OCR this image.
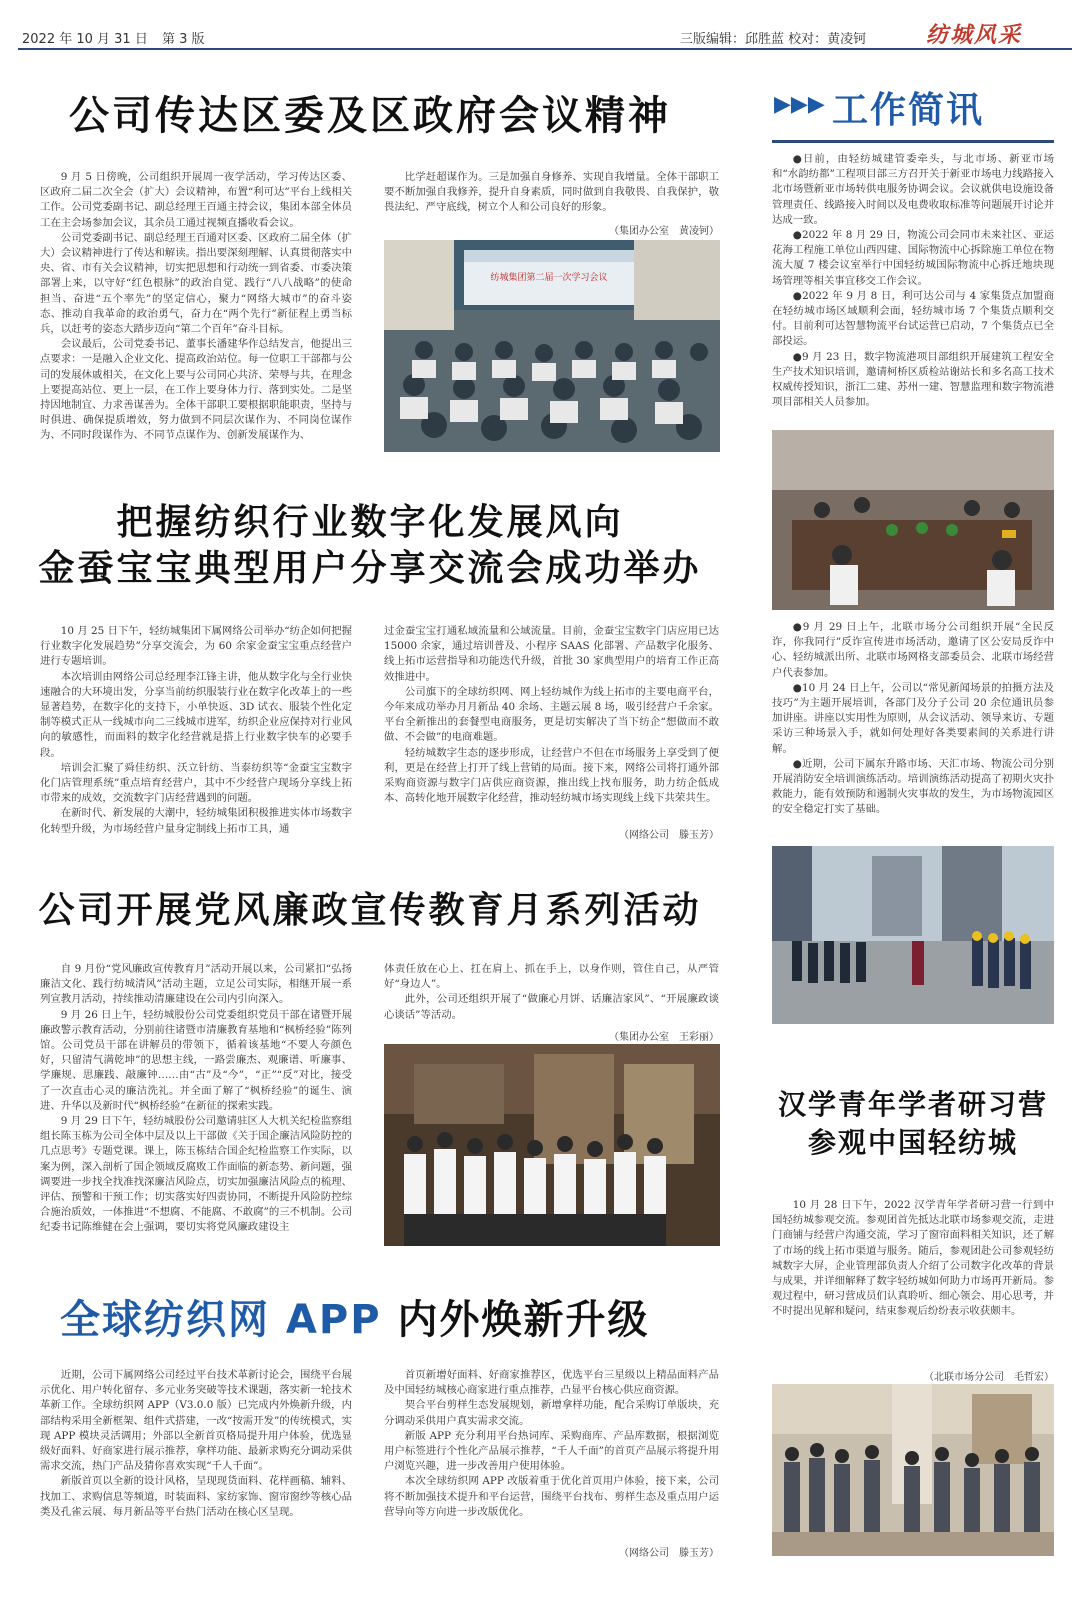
2022 年 10 月 31 日 第 3 版	三版编辑：邱胜蓝 校对：黄凌钶	纺城风采
公司传达区委及区政府会议精神

9 月 5 日傍晚，公司组织开展周一夜学活动，学习传达区委、区政府二届二次全会（扩大）会议精神，布置“利可达”平台上线相关工作。公司党委副书记、副总经理王百通主持会议，集团本部全体员工在主会场参加会议，其余员工通过视频直播收看会议。

公司党委副书记、副总经理王百通对区委、区政府二届全体（扩大）会议精神进行了传达和解读。指出要深刻理解、认真贯彻落实中央、省、市有关会议精神，切实把思想和行动统一到省委、市委决策部署上来，以守好“红色根脉”的政治自觉、践行“八八战略”的使命担当、奋进“五个率先”的坚定信心，聚力“网络大城市”的奋斗姿态、推动自我革命的政治勇气，奋力在“两个先行”新征程上勇当标兵，以赶考的姿态大踏步迈向“第二个百年”奋斗目标。

会议最后，公司党委书记、董事长潘建华作总结发言，他提出三点要求：一是融入企业文化、提高政治站位。每一位职工干部都与公司的发展休戚相关，在文化上要与公司同心共济、荣辱与共，在理念上要提高站位、更上一层，在工作上要身体力行、落到实处。二是坚持因地制宜、力求善谋善为。全体干部职工要根据职能职责，坚持与时俱进、确保提质增效，努力做到不同层次谋作为、不同岗位谋作为、不同时段谋作为、不同节点谋作为、创新发展谋作为、

比学赶超谋作为。三是加强自身修养、实现自我增量。全体干部职工要不断加强自我修养，提升自身素质，同时做到自我敬畏、自我保护，敬畏法纪、严守底线，树立个人和公司良好的形象。

（集团办公室　黄凌钶）
纺城集团第二届一次学习会议
把握纺织行业数字化发展风向
金蚕宝宝典型用户分享交流会成功举办

10 月 25 日下午，轻纺城集团下属网络公司举办“纺企如何把握行业数字化发展趋势”分享交流会，为 60 余家金蚕宝宝重点经营户进行专题培训。

本次培训由网络公司总经理李江锋主讲，他从数字化与全行业快速融合的大环境出发，分享当前纺织服装行业在数字化改革上的一些显著趋势，在数字化的支持下，小单快返、3D 试衣、服装个性化定制等模式正从一线城市向二三线城市进军，纺织企业应保持对行业风向的敏感性，而面料的数字化经营就是搭上行业数字快车的必要手段。

培训会汇聚了舜佳纺织、沃立针纺、当泰纺织等“金蚕宝宝数字化门店管理系统”重点培育经营户，其中不少经营户现场分享线上拓市带来的成效，交流数字门店经营遇到的问题。

在新时代、新发展的大潮中，轻纺城集团积极推进实体市场数字化转型升级，为市场经营户量身定制线上拓市工具，通

过金蚕宝宝打通私域流量和公域流量。目前，金蚕宝宝数字门店应用已达 15000 余家，通过培训普及、小程序 SAAS 化部署、产品数字化服务、线上拓市运营指导和功能迭代升级，首批 30 家典型用户的培育工作正高效推进中。

公司旗下的全球纺织网、网上轻纺城作为线上拓市的主要电商平台，今年来成功举办月月新品 40 余场、主题云展 8 场，吸引经营户千余家。平台全新推出的套餐型电商服务，更是切实解决了当下纺企“想做而不敢做、不会做”的电商难题。

轻纺城数字生态的逐步形成，让经营户不但在市场服务上享受到了便利，更是在经营上打开了线上营销的局面。接下来，网络公司将打通外部采购商资源与数字门店供应商资源，推出线上找布服务，助力纺企低成本、高转化地开展数字化经营，推动轻纺城市场实现线上线下共荣共生。

（网络公司　滕玉芳）
公司开展党风廉政宣传教育月系列活动

自 9 月份“党风廉政宣传教育月”活动开展以来，公司紧扣“弘扬廉洁文化、践行纺城清风”活动主题，立足公司实际，相继开展一系列宣教月活动，持续推动清廉建设在公司内引向深入。

9 月 26 日上午，轻纺城股份公司党委组织党员干部在诸暨开展廉政警示教育活动，分别前往诸暨市清廉教育基地和“枫桥经验”陈列馆。公司党员干部在讲解员的带领下，循着该基地“不要人夸颜色好，只留清气满乾坤”的思想主线，一路尝廉杰、观廉谱、听廉事、学廉规、思廉践、敲廉钟……由“古”及“今”，“正”“反”对比，接受了一次直击心灵的廉洁洗礼。并全面了解了“枫桥经验”的诞生、演进、升华以及新时代“枫桥经验”在新征的探索实践。

9 月 29 日下午，轻纺城股份公司邀请驻区人大机关纪检监察组组长陈玉栋为公司全体中层及以上干部做《关于国企廉洁风险防控的几点思考》专题党课。课上，陈玉栋结合国企纪检监察工作实际，以案为例，深入剖析了国企领域反腐败工作面临的新态势、新问题，强调要进一步找全找准找深廉洁风险点，切实加强廉洁风险点的梳理、评估、预警和干预工作；切实落实好四责协同，不断提升风险防控综合施治质效，一体推进“不想腐、不能腐、不敢腐”的三不机制。公司纪委书记陈维健在会上强调，要切实将党风廉政建设主

体责任放在心上、扛在肩上、抓在手上，以身作则，管住自己，从严管好“身边人”。

此外，公司还组织开展了“做廉心月饼、话廉洁家风”、“开展廉政谈心谈话”等活动。

（集团办公室　王彩丽）
全球纺织网 APP 内外焕新升级

近期，公司下属网络公司经过平台技术革新讨论会，围绕平台展示优化、用户转化留存、多元业务突破等技术课题，落实新一轮技术革新工作。全球纺织网 APP（V3.0.0 版）已完成内外焕新升级，内部结构采用全新框架、组件式搭建，一改“按需开发”的传统模式，实现 APP 模块灵活调用；外部以全新首页格局提升用户体验，优选显级好面料、好商家进行展示推荐，拿样功能、最新求购充分调动采供需求交流，热门产品及猜你喜欢实现“千人千面”。

新版首页以全新的设计风格，呈现现货面料、花样画稿、辅料、找加工、求购信息等频道，时装面料、家纺家饰、窗帘窗纱等核心品类及孔雀云展、每月新品等平台热门活动在核心区呈现。

首页新增好面料、好商家推荐区，优选平台三星级以上精品面料产品及中国轻纺城核心商家进行重点推荐，凸显平台核心供应商资源。

契合平台剪样生态发展规划，新增拿样功能，配合采购订单版块，充分调动采供用户真实需求交流。

新版 APP 充分利用平台热词库、采购商库、产品库数据，根据浏览用户标签进行个性化产品展示推荐，“千人千面”的首页产品展示将提升用户浏览兴趣，进一步改善用户使用体验。

本次全球纺织网 APP 改版着重于优化首页用户体验，接下来，公司将不断加强技术提升和平台运营，围绕平台找布、剪样生态及重点用户运营导向等方向进一步改版优化。

（网络公司　滕玉芳）
▶▶▶ 工作简讯

●日前，由轻纺城建管委牵头，与北市场、新亚市场和“水韵纺都”工程项目部三方召开关于新亚市场电力线路接入北市场暨新亚市场转供电服务协调会议。会议就供电设施设备管理责任、线路接入时间以及电费收取标准等问题展开讨论并达成一致。

●2022 年 8 月 29 日，物流公司会同市未来社区、亚运花海工程施工单位山西四建、国际物流中心拆除施工单位在物流大厦 7 楼会议室举行中国轻纺城国际物流中心拆迁地块现场管理等相关事宜移交工作会议。

●2022 年 9 月 8 日，利可达公司与 4 家集货点加盟商在轻纺城市场区域顺利会面，轻纺城市场 7 个集货点顺利交付。目前利可达智慧物流平台试运营已启动，7 个集货点已全部投运。

●9 月 23 日，数字物流港项目部组织开展建筑工程安全生产技术知识培训，邀请柯桥区质检站谢站长和多名高工技术权威传授知识，浙江二建、苏州一建、智慧监理和数字物流港项目部相关人员参加。

●9 月 29 日上午，北联市场分公司组织开展“全民反诈，你我同行”反诈宣传进市场活动，邀请了区公安局反诈中心、轻纺城派出所、北联市场网格支部委员会、北联市场经营户代表参加。

●10 月 24 日上午，公司以“常见新闻场景的拍摄方法及技巧”为主题开展培训，各部门及分子公司 20 余位通讯员参加讲座。讲座以实用性为原则，从会议活动、领导来访、专题采访三种场景入手，就如何处理好各类要素间的关系进行讲解。

●近期，公司下属东升路市场、天汇市场、物流公司分别开展消防安全培训演练活动。培训演练活动提高了初期火灾扑救能力，能有效预防和遏制火灾事故的发生，为市场物流园区的安全稳定打实了基础。

汉学青年学者研习营
参观中国轻纺城

10 月 28 日下午，2022 汉学青年学者研习营一行到中国轻纺城参观交流。参观团首先抵达北联市场参观交流，走进门商铺与经营户沟通交流，学习了窗帘面料相关知识，还了解了市场的线上拓市渠道与服务。随后，参观团赴公司参观轻纺城数字大屏，企业管理部负责人介绍了公司数字化改革的背景与成果，并详细解释了数字轻纺城如何助力市场再开新局。参观过程中，研习营成员们认真聆听、细心领会、用心思考，并不时提出见解和疑问，结束参观后纷纷表示收获颇丰。

（北联市场分公司　毛哲宏）
